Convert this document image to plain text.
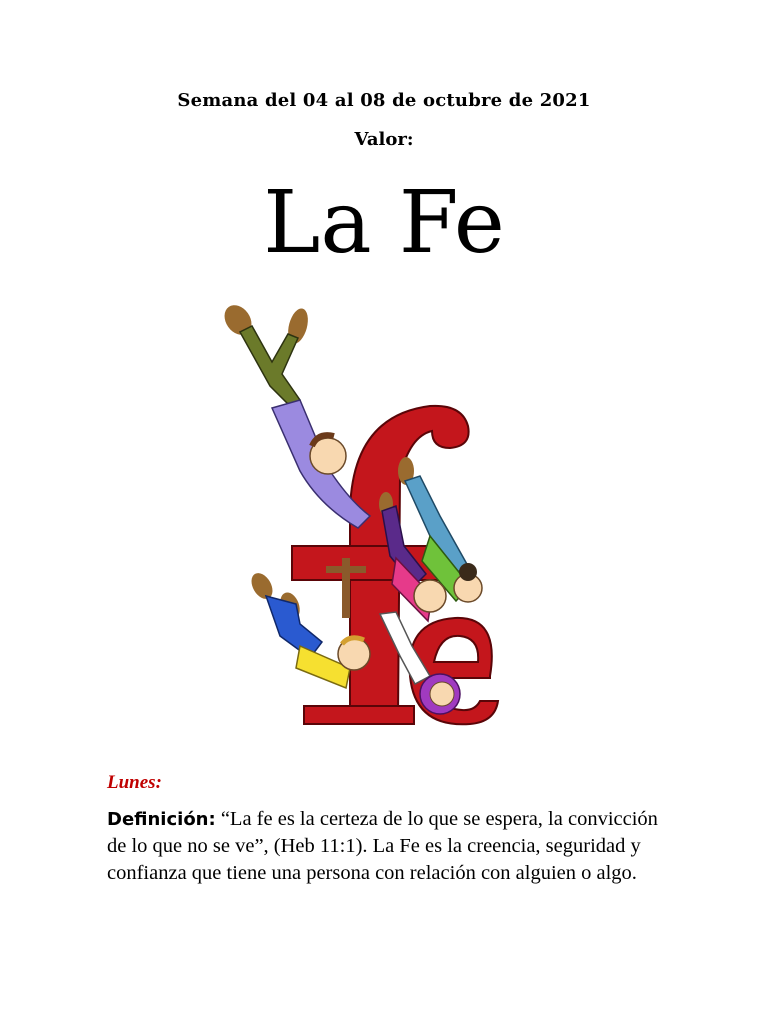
Semana del 04 al 08 de octubre de 2021
Valor:
La Fe
Lunes:
Definición: “La fe es la certeza de lo que se espera, la convicción de lo que no se ve”, (Heb 11:1). La Fe es la creencia, seguridad y confianza que tiene una persona con relación con alguien o algo.
